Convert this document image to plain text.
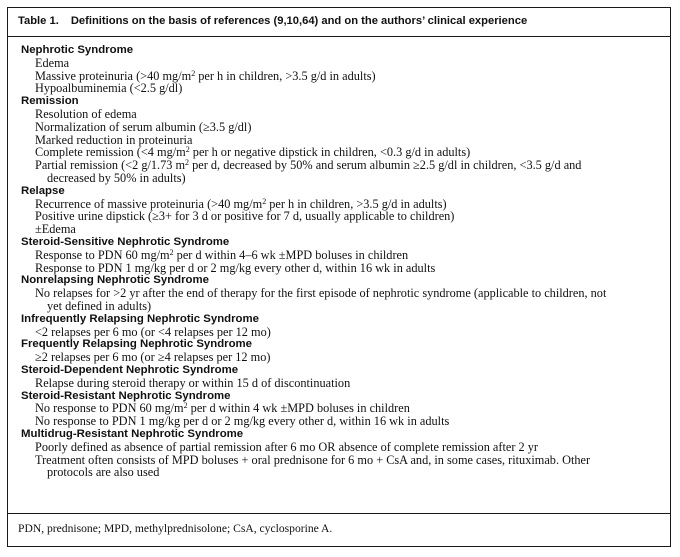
Table 1. Definitions on the basis of references (9,10,64) and on the authors’ clinical experience
Nephrotic Syndrome
Edema
Massive proteinuria (>40 $mg/m^2$ per h in children, >3.5 g/d in adults)
Hypoalbuminemia (<2.5 g/dl)
Remission
Resolution of edema
Normalization of serum albumin (≥3.5 g/dl)
Marked reduction in proteinuria
Complete remission (<4 $mg/m^2$ per h or negative dipstick in children, <0.3 g/d in adults)
Partial remission (<2 g/1.73 $m^2$ per d, decreased by 50% and serum albumin ≥2.5 g/dl in children, <3.5 g/d and
decreased by 50% in adults)
Relapse
Recurrence of massive proteinuria (>40 $mg/m^2$ per h in children, >3.5 g/d in adults)
Positive urine dipstick (≥3+ for 3 d or positive for 7 d, usually applicable to children)
±Edema
Steroid-Sensitive Nephrotic Syndrome
Response to PDN 60 $mg/m^2$ per d within 4–6 wk ±MPD boluses in children
Response to PDN 1 mg/kg per d or 2 mg/kg every other d, within 16 wk in adults
Nonrelapsing Nephrotic Syndrome
No relapses for >2 yr after the end of therapy for the first episode of nephrotic syndrome (applicable to children, not
yet defined in adults)
Infrequently Relapsing Nephrotic Syndrome
<2 relapses per 6 mo (or <4 relapses per 12 mo)
Frequently Relapsing Nephrotic Syndrome
≥2 relapses per 6 mo (or ≥4 relapses per 12 mo)
Steroid-Dependent Nephrotic Syndrome
Relapse during steroid therapy or within 15 d of discontinuation
Steroid-Resistant Nephrotic Syndrome
No response to PDN 60 $mg/m^2$ per d within 4 wk ±MPD boluses in children
No response to PDN 1 mg/kg per d or 2 mg/kg every other d, within 16 wk in adults
Multidrug-Resistant Nephrotic Syndrome
Poorly defined as absence of partial remission after 6 mo OR absence of complete remission after 2 yr
Treatment often consists of MPD boluses + oral prednisone for 6 mo + CsA and, in some cases, rituximab. Other
protocols are also used
PDN, prednisone; MPD, methylprednisolone; CsA, cyclosporine A.
